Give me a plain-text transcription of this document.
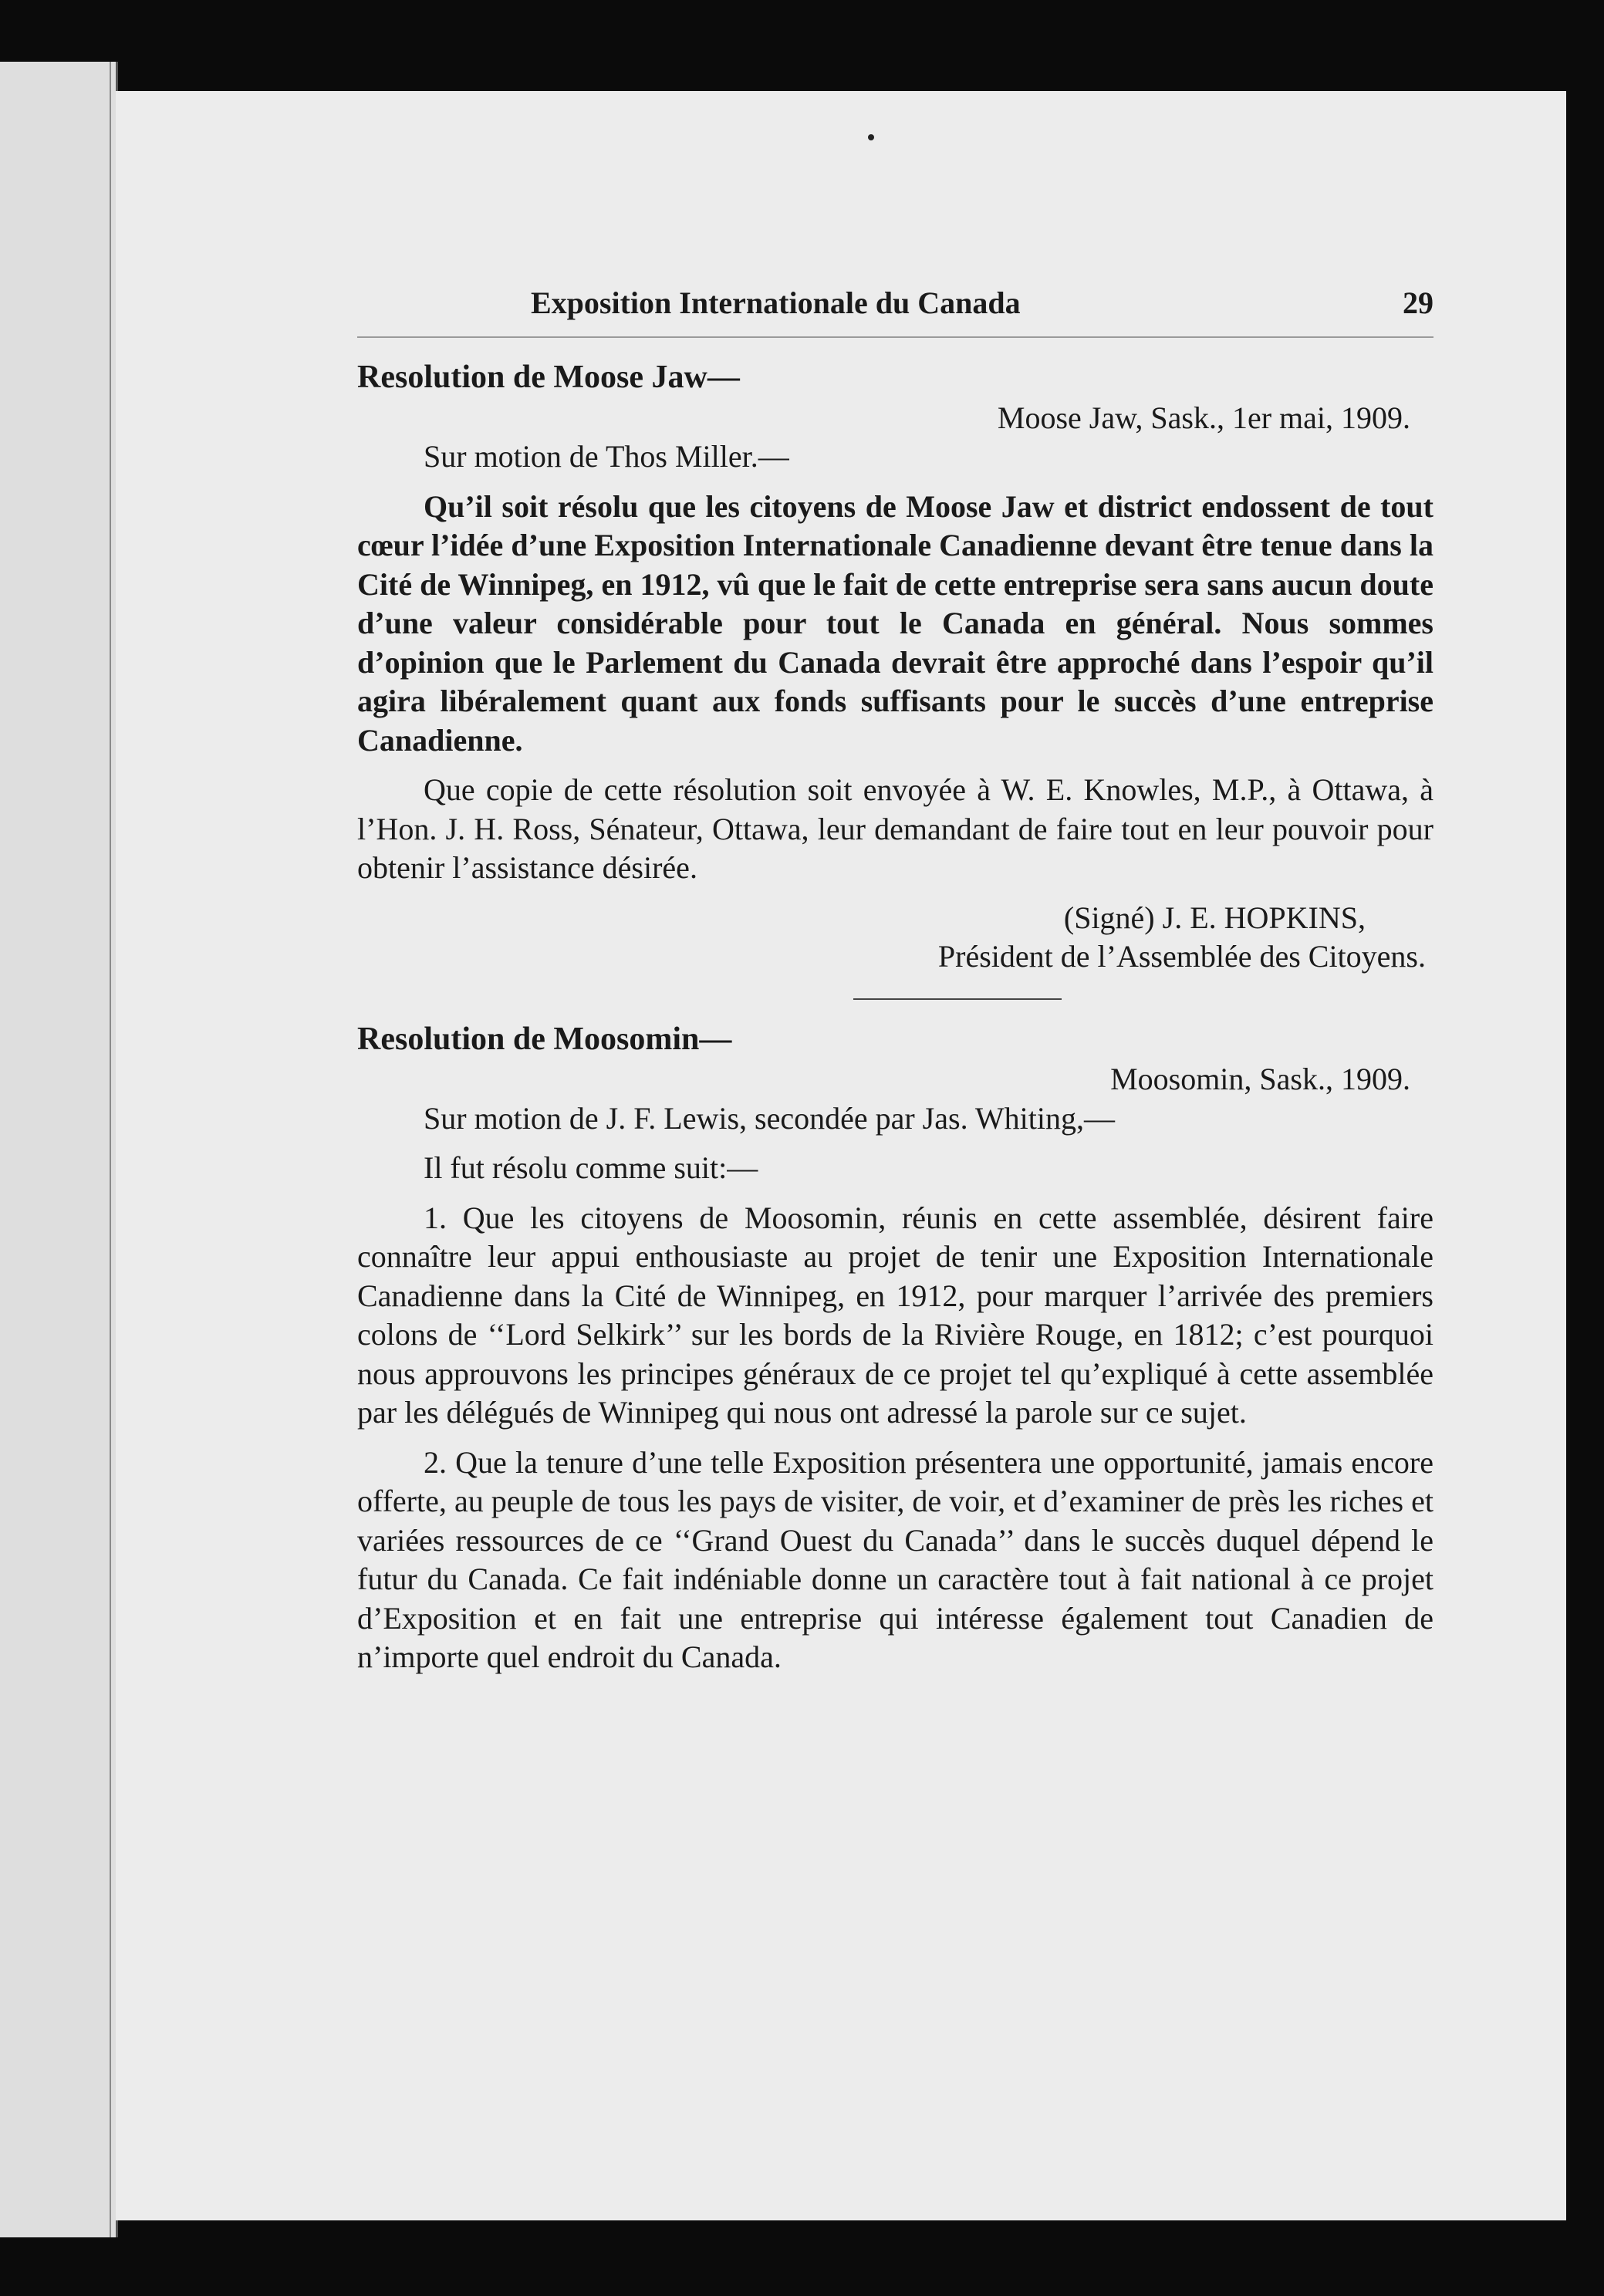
Exposition Internationale du Canada	29
Resolution de Moose Jaw—
Moose Jaw, Sask., 1er mai, 1909.

Sur motion de Thos Miller.—

Qu’il soit résolu que les citoyens de Moose Jaw et district endossent de tout cœur l’idée d’une Exposition Internationale Canadienne devant être tenue dans la Cité de Winnipeg, en 1912, vû que le fait de cette entreprise sera sans aucun doute d’une valeur considérable pour tout le Canada en général. Nous sommes d’opinion que le Parlement du Canada devrait être approché dans l’espoir qu’il agira libéralement quant aux fonds suffisants pour le succès d’une entreprise Canadienne.

Que copie de cette résolution soit envoyée à W. E. Knowles, M.P., à Ottawa, à l’Hon. J. H. Ross, Sénateur, Ottawa, leur demandant de faire tout en leur pouvoir pour obtenir l’assistance désirée.

(Signé) J. E. HOPKINS,
Président de l’Assemblée des Citoyens.
Resolution de Moosomin—
Moosomin, Sask., 1909.

Sur motion de J. F. Lewis, secondée par Jas. Whiting,—

Il fut résolu comme suit:—

1. Que les citoyens de Moosomin, réunis en cette assemblée, désirent faire connaître leur appui enthousiaste au projet de tenir une Exposition Internationale Canadienne dans la Cité de Winnipeg, en 1912, pour marquer l’arrivée des premiers colons de ‘‘Lord Selkirk’’ sur les bords de la Rivière Rouge, en 1812; c’est pourquoi nous approuvons les principes généraux de ce projet tel qu’expliqué à cette assemblée par les délégués de Winnipeg qui nous ont adressé la parole sur ce sujet.

2. Que la tenure d’une telle Exposition présentera une opportunité, jamais encore offerte, au peuple de tous les pays de visiter, de voir, et d’examiner de près les riches et variées ressources de ce ‘‘Grand Ouest du Canada’’ dans le succès duquel dépend le futur du Canada. Ce fait indéniable donne un caractère tout à fait national à ce projet d’Exposition et en fait une entreprise qui intéresse également tout Canadien de n’importe quel endroit du Canada.
